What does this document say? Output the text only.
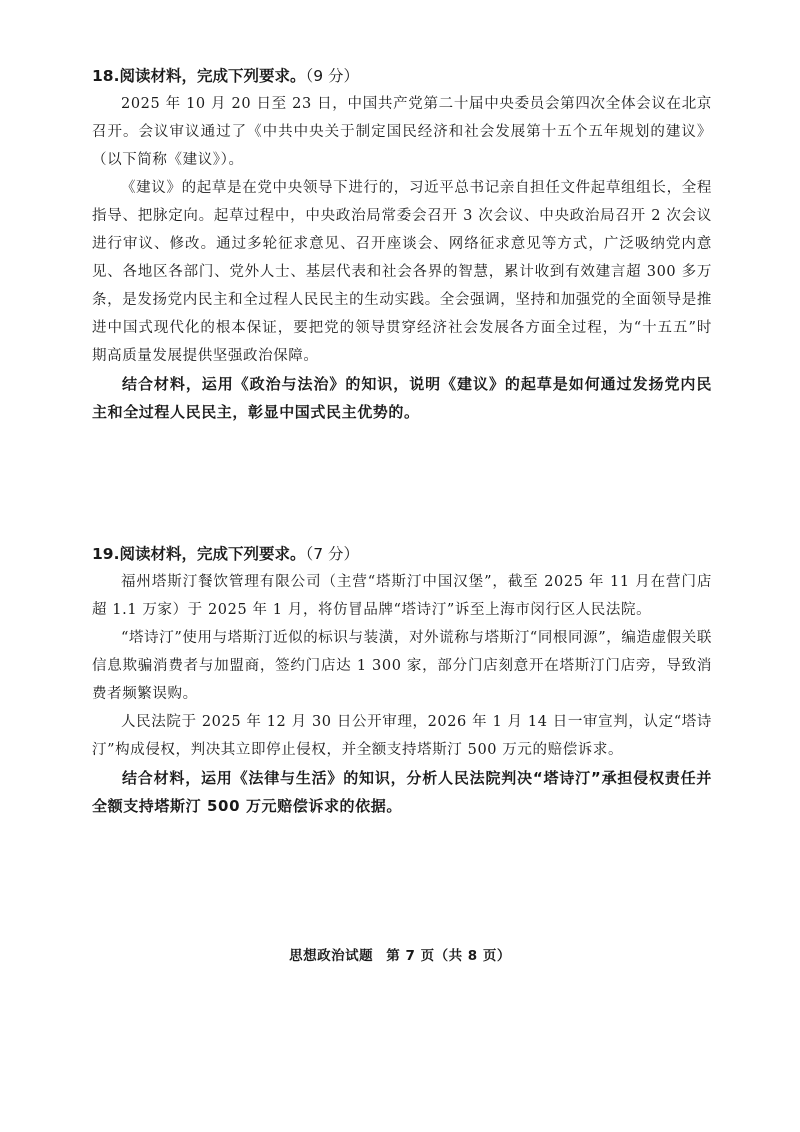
18.阅读材料，完成下列要求。（9 分）

2025 年 10 月 20 日至 23 日，中国共产党第二十届中央委员会第四次全体会议在北京召开。会议审议通过了《中共中央关于制定国民经济和社会发展第十五个五年规划的建议》（以下简称《建议》）。

《建议》的起草是在党中央领导下进行的，习近平总书记亲自担任文件起草组组长，全程指导、把脉定向。起草过程中，中央政治局常委会召开 3 次会议、中央政治局召开 2 次会议进行审议、修改。通过多轮征求意见、召开座谈会、网络征求意见等方式，广泛吸纳党内意见、各地区各部门、党外人士、基层代表和社会各界的智慧，累计收到有效建言超 300 多万条，是发扬党内民主和全过程人民民主的生动实践。全会强调，坚持和加强党的全面领导是推进中国式现代化的根本保证，要把党的领导贯穿经济社会发展各方面全过程，为“十五五”时期高质量发展提供坚强政治保障。

结合材料，运用《政治与法治》的知识，说明《建议》的起草是如何通过发扬党内民主和全过程人民民主，彰显中国式民主优势的。

19.阅读材料，完成下列要求。（7 分）

福州塔斯汀餐饮管理有限公司（主营“塔斯汀中国汉堡”，截至 2025 年 11 月在营门店超 1.1 万家）于 2025 年 1 月，将仿冒品牌“塔诗汀”诉至上海市闵行区人民法院。

“塔诗汀”使用与塔斯汀近似的标识与装潢，对外谎称与塔斯汀“同根同源”，编造虚假关联信息欺骗消费者与加盟商，签约门店达 1 300 家，部分门店刻意开在塔斯汀门店旁，导致消费者频繁误购。

人民法院于 2025 年 12 月 30 日公开审理，2026 年 1 月 14 日一审宣判，认定“塔诗汀”构成侵权，判决其立即停止侵权，并全额支持塔斯汀 500 万元的赔偿诉求。

结合材料，运用《法律与生活》的知识，分析人民法院判决“塔诗汀”承担侵权责任并全额支持塔斯汀 500 万元赔偿诉求的依据。

思想政治试题 第 7 页（共 8 页）
